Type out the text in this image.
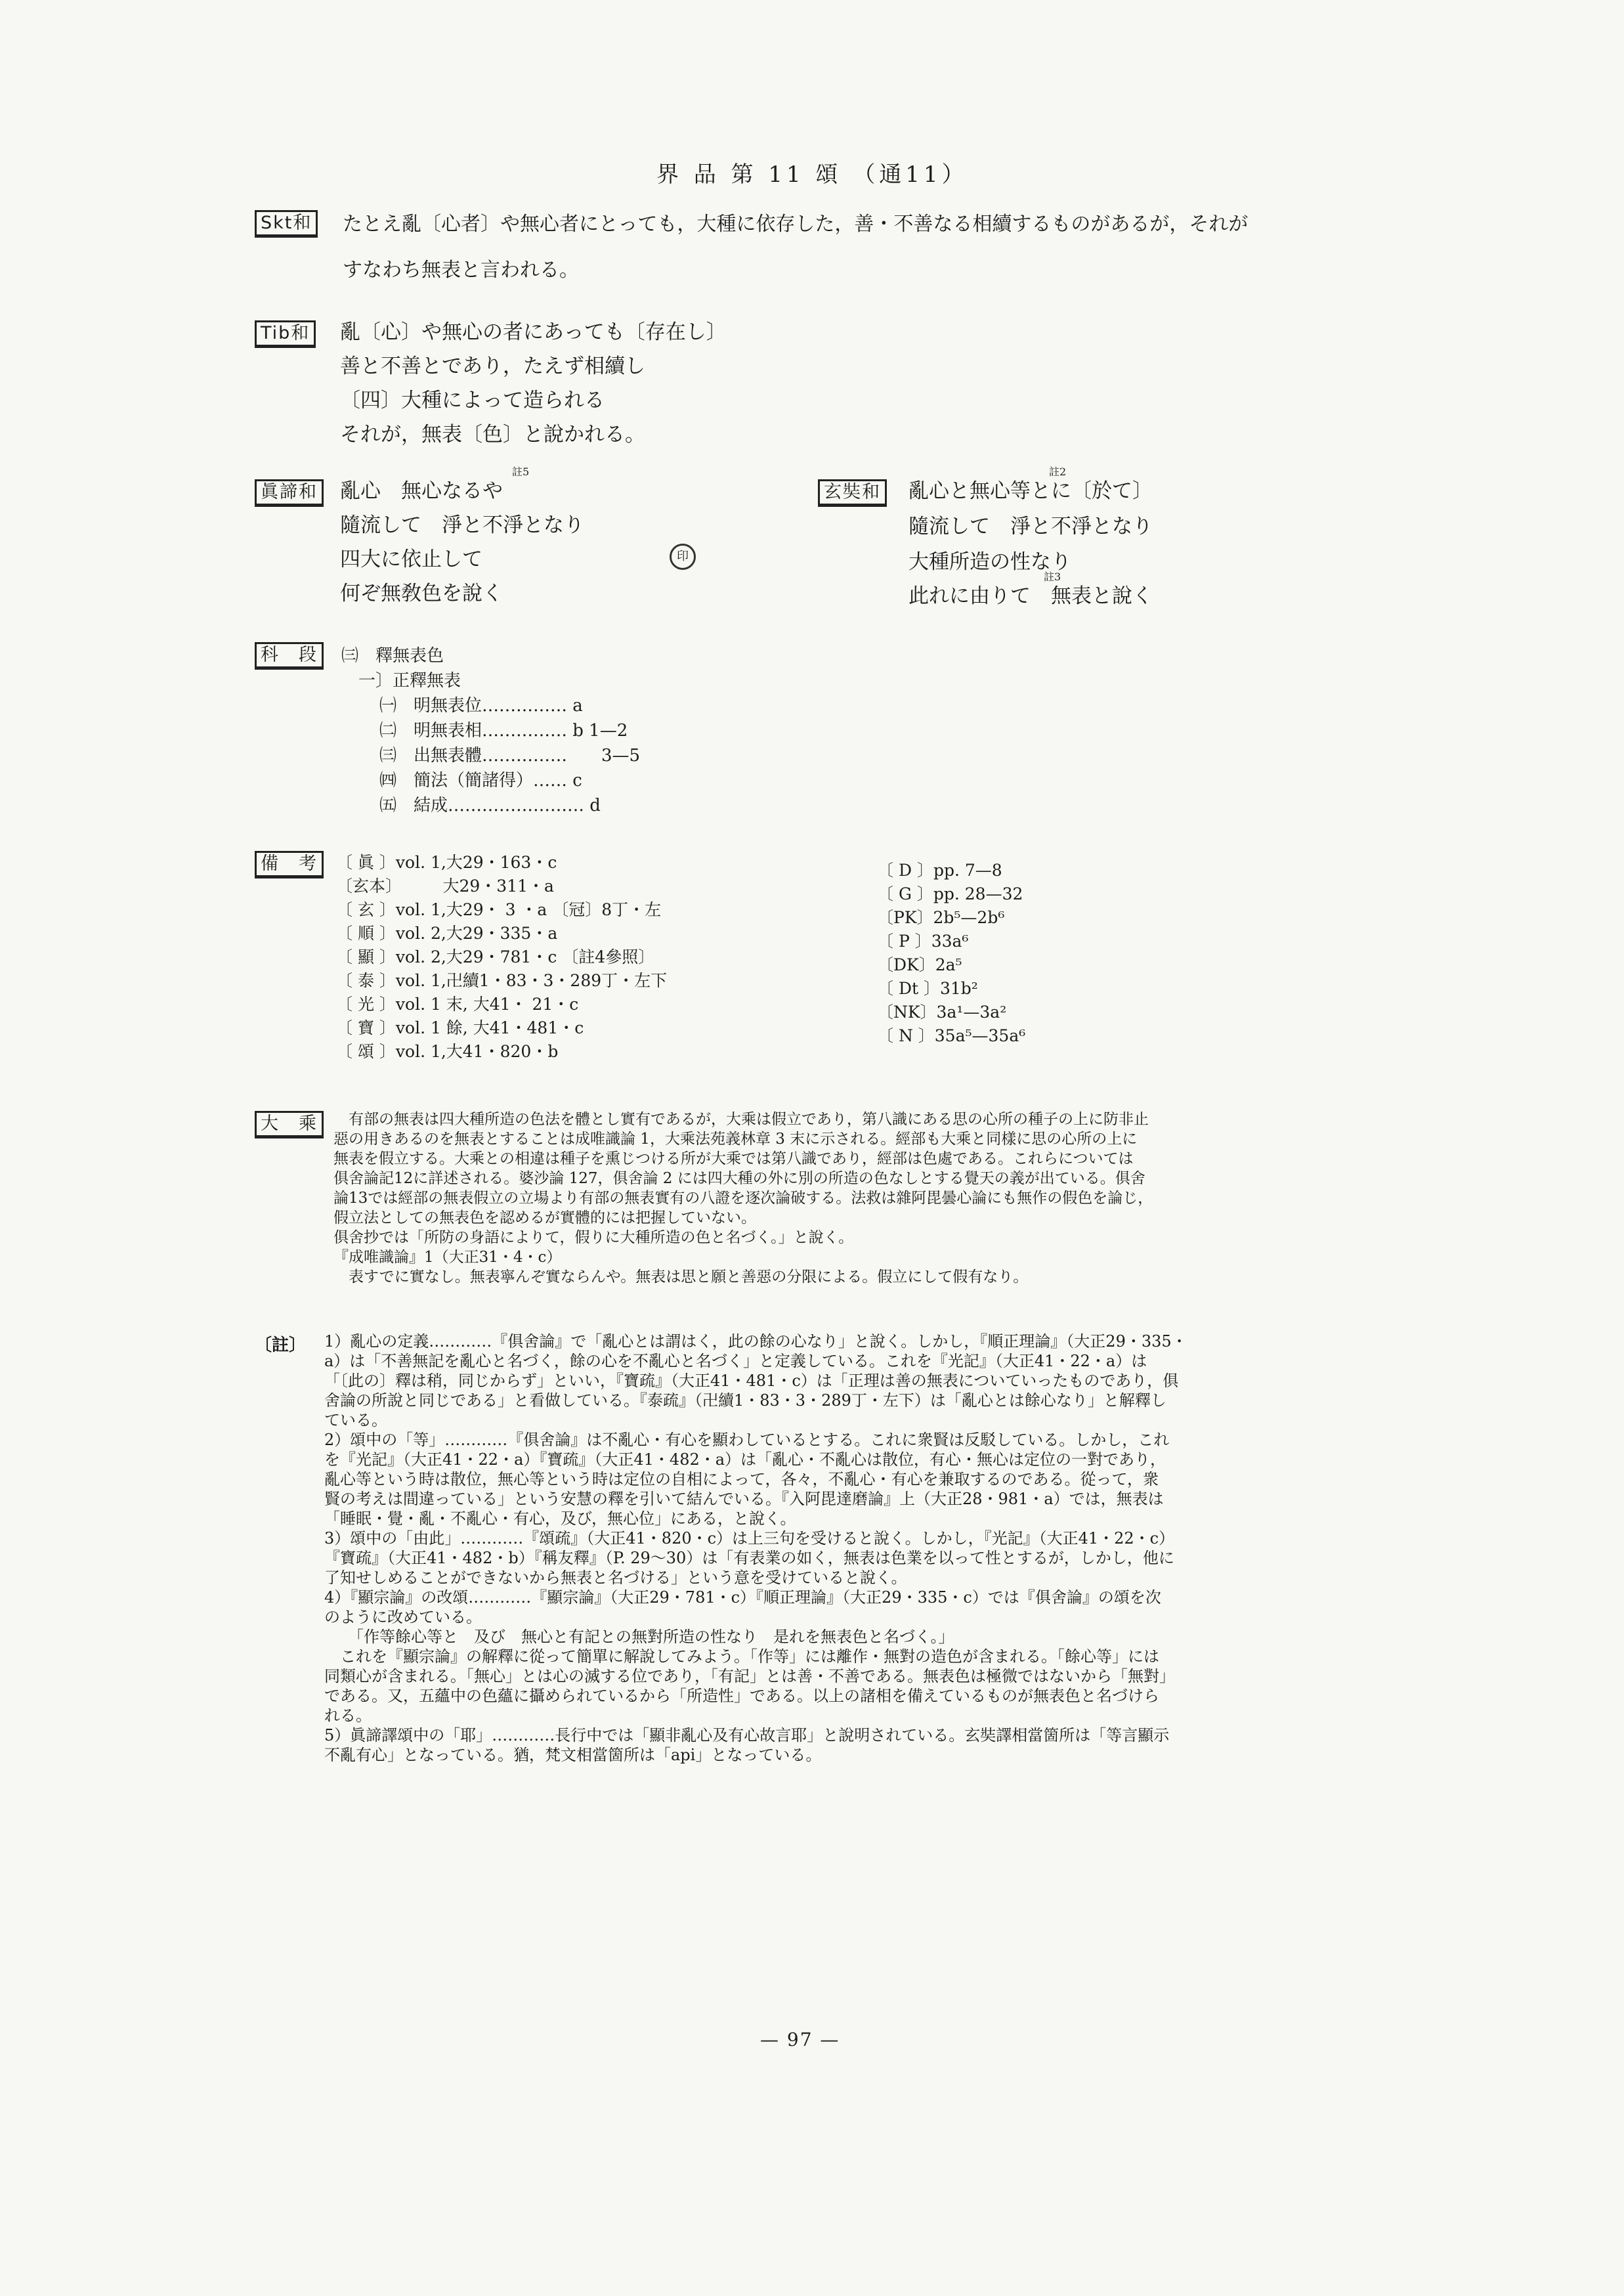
界 品 第 11 頌 （通11）
Skt和	たとえ亂〔心者〕や無心者にとっても，大種に依存した，善・不善なる相續するものがあるが，それが
すなわち無表と言われる。
Tib和 亂〔心〕や無心の者にあっても〔存在し〕
善と不善とであり，たえず相續し
〔四〕大種によって造られる
それが，無表〔色〕と說かれる。
眞諦和 亂心　無心なるや
註5
隨流して　淨と不淨となり
四大に依止して
何ぞ無敎色を說く
印
玄奘和 亂心と無心等とに〔於て〕
註2
隨流して　淨と不淨となり
大種所造の性なり
註3
此れに由りて　無表と說く
科　段	㈢　釋無表色
一〕正釋無表
㈠　明無表位…………… a
㈡　明無表相…………… b 1—2
㈢　出無表體……………　　3—5
㈣　簡法（簡諸得）…… c
㈤　結成…………………… d
備　考	〔 眞 〕vol. 1,大29・163・c
〔玄本〕　　　大29・311・a
〔 玄 〕vol. 1,大29・ 3 ・a 〔冠〕8丁・左
〔 順 〕vol. 2,大29・335・a
〔 顯 〕vol. 2,大29・781・c 〔註4參照〕
〔 泰 〕vol. 1,卍續1・83・3・289丁・左下
〔 光 〕vol. 1 末, 大41・ 21・c
〔 寶 〕vol. 1 餘, 大41・481・c
〔 頌 〕vol. 1,大41・820・b
〔 D 〕pp. 7—8
〔 G 〕pp. 28—32
〔PK〕2b⁵—2b⁶
〔 P 〕33a⁶
〔DK〕2a⁵
〔 Dt 〕31b²
〔NK〕3a¹—3a²
〔 N 〕35a⁵—35a⁶
大　乘	　有部の無表は四大種所造の色法を體とし實有であるが，大乘は假立であり，第八識にある思の心所の種子の上に防非止
惡の用きあるのを無表とすることは成唯識論 1，大乘法苑義林章 3 末に示される。經部も大乘と同樣に思の心所の上に
無表を假立する。大乘との相違は種子を熏じつける所が大乘では第八識であり，經部は色處である。これらについては
俱舍論記12に詳述される。婆沙論 127，俱舍論 2 には四大種の外に別の所造の色なしとする覺天の義が出ている。俱舍
論13では經部の無表假立の立場より有部の無表實有の八證を逐次論破する。法救は雜阿毘曇心論にも無作の假色を論じ，
假立法としての無表色を認めるが實體的には把握していない。
俱舍抄では「所防の身語によりて，假りに大種所造の色と名づく。」と說く。
『成唯識論』1（大正31・4・c）
　表すでに實なし。無表寧んぞ實ならんや。無表は思と願と善惡の分限による。假立にして假有なり。
〔註〕 1）亂心の定義…………『俱舍論』で「亂心とは謂はく，此の餘の心なり」と說く。しかし，『順正理論』（大正29・335・
a）は「不善無記を亂心と名づく，餘の心を不亂心と名づく」と定義している。これを『光記』（大正41・22・a）は
「〔此の〕釋は稍，同じからず」といい，『寶疏』（大正41・481・c）は「正理は善の無表についていったものであり，俱
舍論の所說と同じである」と看做している。『泰疏』（卍續1・83・3・289丁・左下）は「亂心とは餘心なり」と解釋し
ている。
2）頌中の「等」…………『俱舍論』は不亂心・有心を顯わしているとする。これに衆賢は反駁している。しかし，これ
を『光記』（大正41・22・a）『寶疏』（大正41・482・a）は「亂心・不亂心は散位，有心・無心は定位の一對であり，
亂心等という時は散位，無心等という時は定位の自相によって，各々，不亂心・有心を兼取するのである。從って，衆
賢の考えは間違っている」という安慧の釋を引いて結んでいる。『入阿毘達磨論』上（大正28・981・a）では，無表は
「睡眠・覺・亂・不亂心・有心，及び，無心位」にある，と說く。
3）頌中の「由此」…………『頌疏』（大正41・820・c）は上三句を受けると說く。しかし，『光記』（大正41・22・c）
『寶疏』（大正41・482・b）『稱友釋』（P. 29〜30）は「有表業の如く，無表は色業を以って性とするが，しかし，他に
了知せしめることができないから無表と名づける」という意を受けていると說く。
4）『顯宗論』の改頌…………『顯宗論』（大正29・781・c）『順正理論』（大正29・335・c）では『俱舍論』の頌を次
のように改めている。
　　「作等餘心等と　及び　無心と有記との無對所造の性なり　是れを無表色と名づく。」
　これを『顯宗論』の解釋に從って簡單に解說してみよう。「作等」には離作・無對の造色が含まれる。「餘心等」には
同類心が含まれる。「無心」とは心の滅する位であり，「有記」とは善・不善である。無表色は極微ではないから「無對」
である。又，五蘊中の色蘊に攝められているから「所造性」である。以上の諸相を備えているものが無表色と名づけら
れる。
5）眞諦譯頌中の「耶」…………長行中では「顯非亂心及有心故言耶」と說明されている。玄奘譯相當箇所は「等言顯示
不亂有心」となっている。猶，梵文相當箇所は「api」となっている。
— 97 —
